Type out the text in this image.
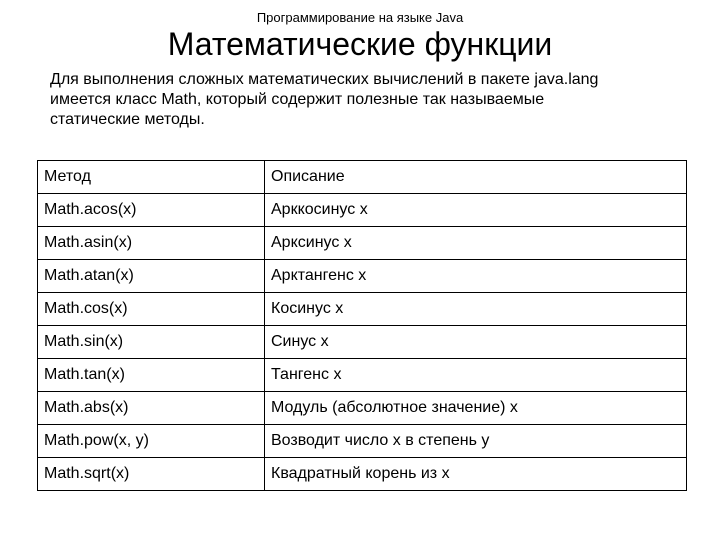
Программирование на языке Java
Математические функции
Для выполнения сложных математических вычислений в пакете java.lang
имеется класс Math, который содержит полезные так называемые
статические методы.
Метод	Описание
Math.acos(x)	Арккосинус x
Math.asin(x)	Арксинус x
Math.atan(x)	Арктангенс x
Math.cos(x)	Косинус x
Math.sin(x)	Синус x
Math.tan(x)	Тангенс x
Math.abs(x)	Модуль (абсолютное значение) x
Math.pow(x, y)	Возводит число x в степень y
Math.sqrt(x)	Квадратный корень из x
